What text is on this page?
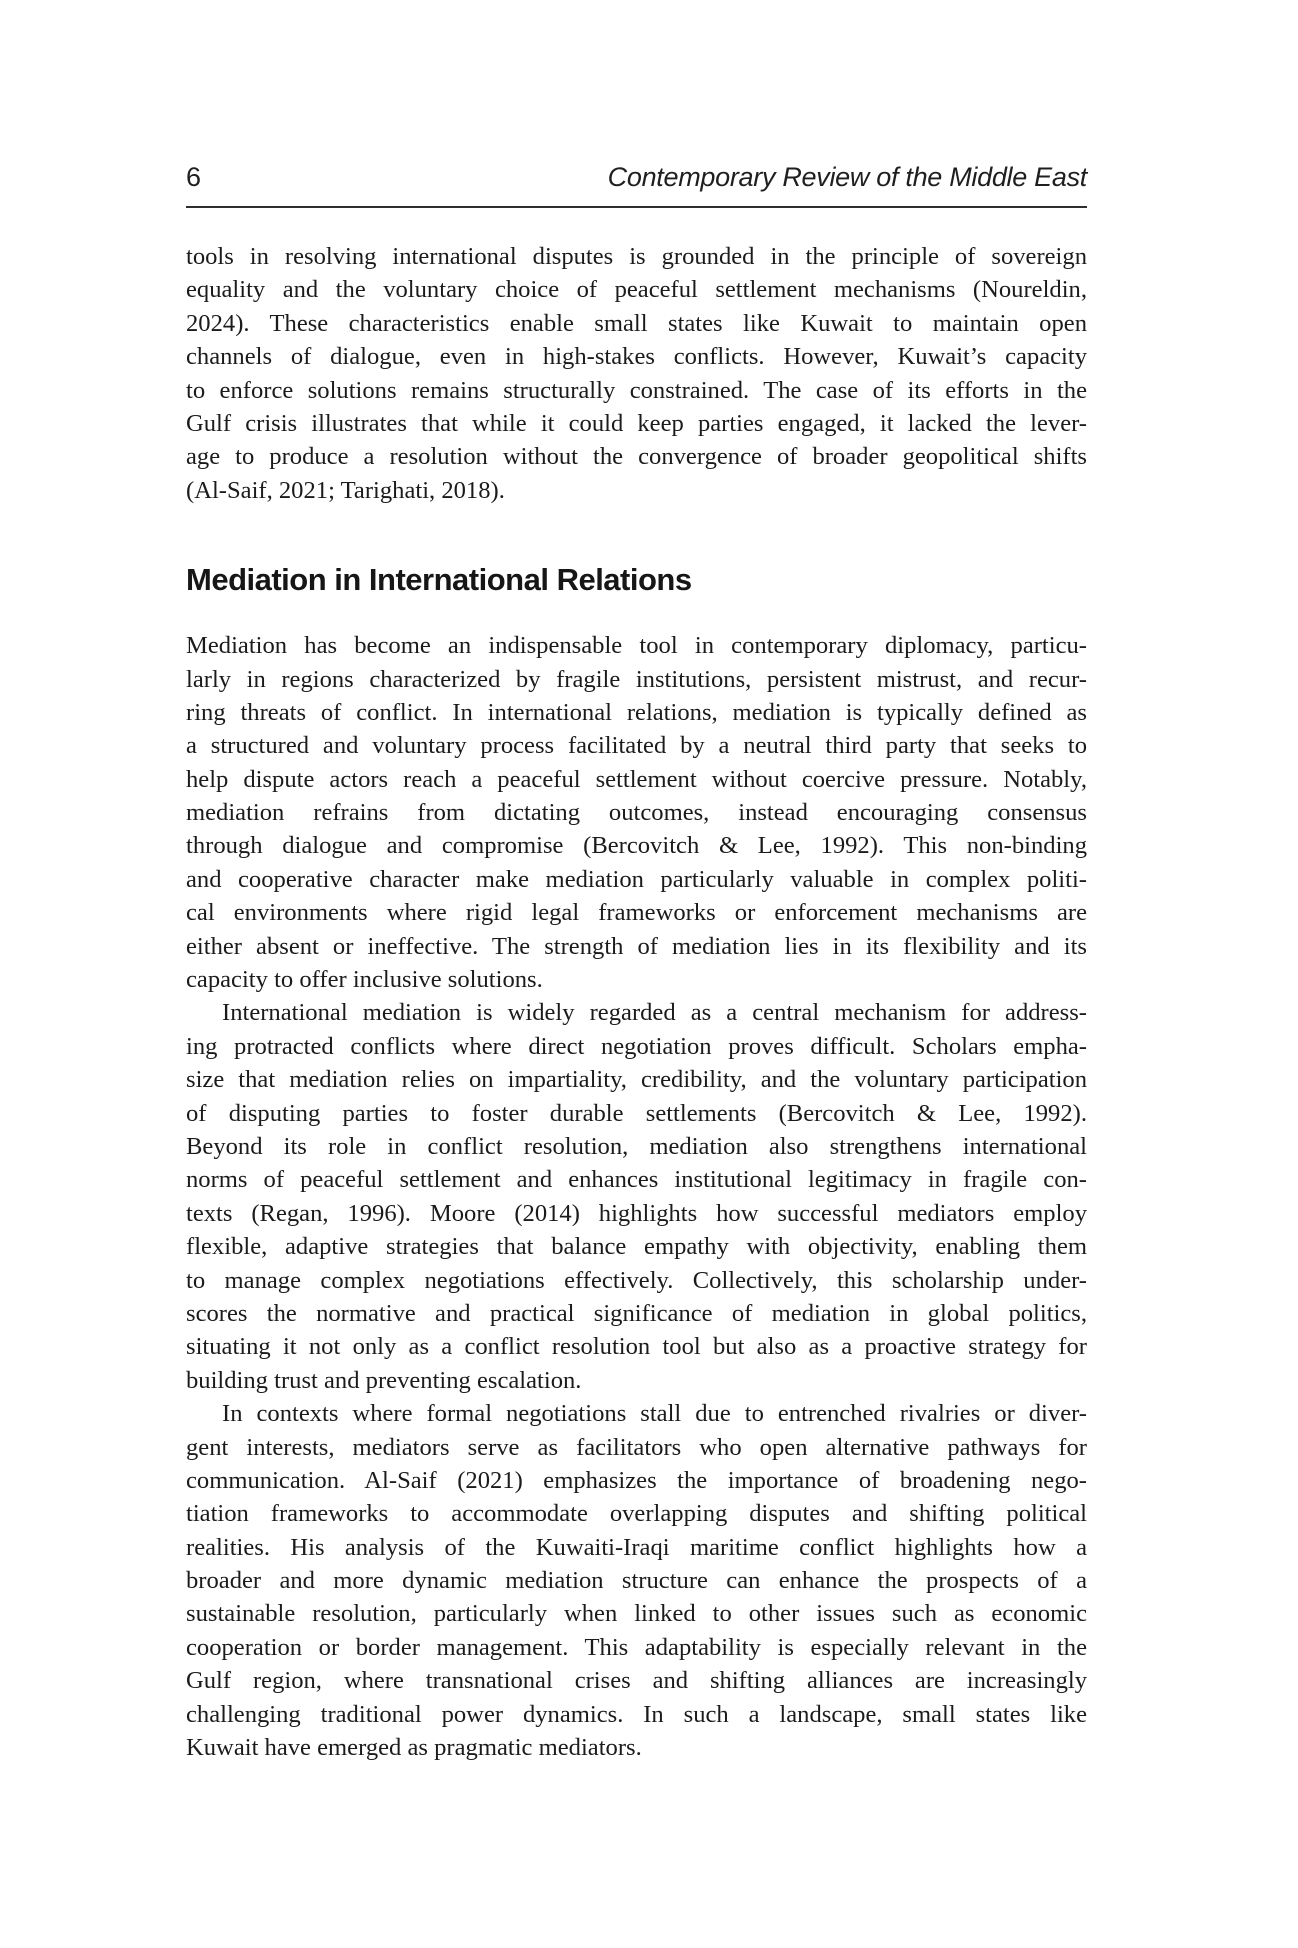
6	Contemporary Review of the Middle East
tools in resolving international disputes is grounded in the principle of sovereign
equality and the voluntary choice of peaceful settlement mechanisms (Noureldin,
2024). These characteristics enable small states like Kuwait to maintain open
channels of dialogue, even in high-stakes conflicts. However, Kuwait’s capacity
to enforce solutions remains structurally constrained. The case of its efforts in the
Gulf crisis illustrates that while it could keep parties engaged, it lacked the lever-
age to produce a resolution without the convergence of broader geopolitical shifts
(Al-Saif, 2021; Tarighati, 2018).
Mediation in International Relations
Mediation has become an indispensable tool in contemporary diplomacy, particu-
larly in regions characterized by fragile institutions, persistent mistrust, and recur-
ring threats of conflict. In international relations, mediation is typically defined as
a structured and voluntary process facilitated by a neutral third party that seeks to
help dispute actors reach a peaceful settlement without coercive pressure. Notably,
mediation refrains from dictating outcomes, instead encouraging consensus
through dialogue and compromise (Bercovitch & Lee, 1992). This non-binding
and cooperative character make mediation particularly valuable in complex politi-
cal environments where rigid legal frameworks or enforcement mechanisms are
either absent or ineffective. The strength of mediation lies in its flexibility and its
capacity to offer inclusive solutions.
International mediation is widely regarded as a central mechanism for address-
ing protracted conflicts where direct negotiation proves difficult. Scholars empha-
size that mediation relies on impartiality, credibility, and the voluntary participation
of disputing parties to foster durable settlements (Bercovitch & Lee, 1992).
Beyond its role in conflict resolution, mediation also strengthens international
norms of peaceful settlement and enhances institutional legitimacy in fragile con-
texts (Regan, 1996). Moore (2014) highlights how successful mediators employ
flexible, adaptive strategies that balance empathy with objectivity, enabling them
to manage complex negotiations effectively. Collectively, this scholarship under-
scores the normative and practical significance of mediation in global politics,
situating it not only as a conflict resolution tool but also as a proactive strategy for
building trust and preventing escalation.
In contexts where formal negotiations stall due to entrenched rivalries or diver-
gent interests, mediators serve as facilitators who open alternative pathways for
communication. Al-Saif (2021) emphasizes the importance of broadening nego-
tiation frameworks to accommodate overlapping disputes and shifting political
realities. His analysis of the Kuwaiti-Iraqi maritime conflict highlights how a
broader and more dynamic mediation structure can enhance the prospects of a
sustainable resolution, particularly when linked to other issues such as economic
cooperation or border management. This adaptability is especially relevant in the
Gulf region, where transnational crises and shifting alliances are increasingly
challenging traditional power dynamics. In such a landscape, small states like
Kuwait have emerged as pragmatic mediators.
